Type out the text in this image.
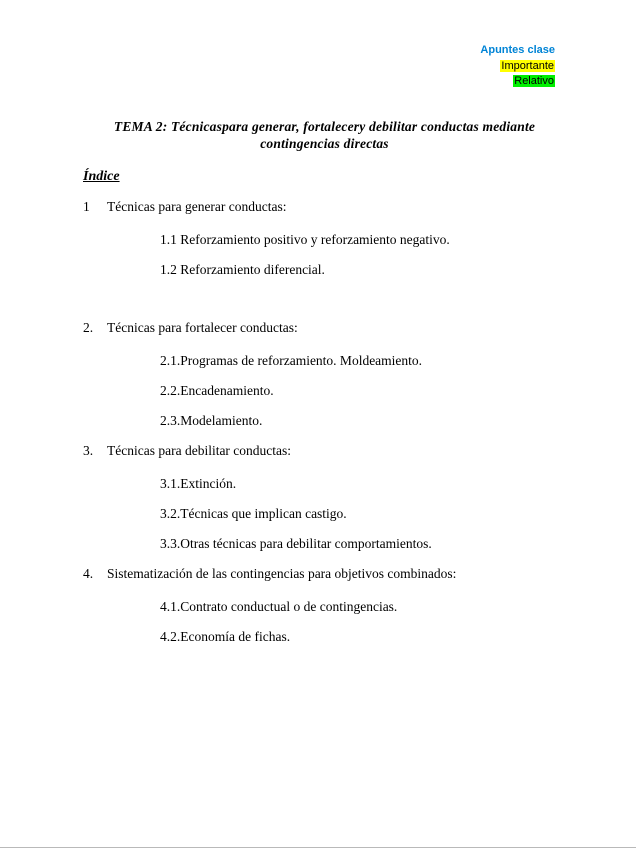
Apuntes clase
Importante
Relativo
TEMA 2: Técnicaspara generar, fortalecery debilitar conductas mediante
contingencias directas
Índice
1 Técnicas para generar conductas:
1.1 Reforzamiento positivo y reforzamiento negativo.
1.2 Reforzamiento diferencial.
2. Técnicas para fortalecer conductas:
2.1.Programas de reforzamiento. Moldeamiento.
2.2.Encadenamiento.
2.3.Modelamiento.
3. Técnicas para debilitar conductas:
3.1.Extinción.
3.2.Técnicas que implican castigo.
3.3.Otras técnicas para debilitar comportamientos.
4. Sistematización de las contingencias para objetivos combinados:
4.1.Contrato conductual o de contingencias.
4.2.Economía de fichas.
